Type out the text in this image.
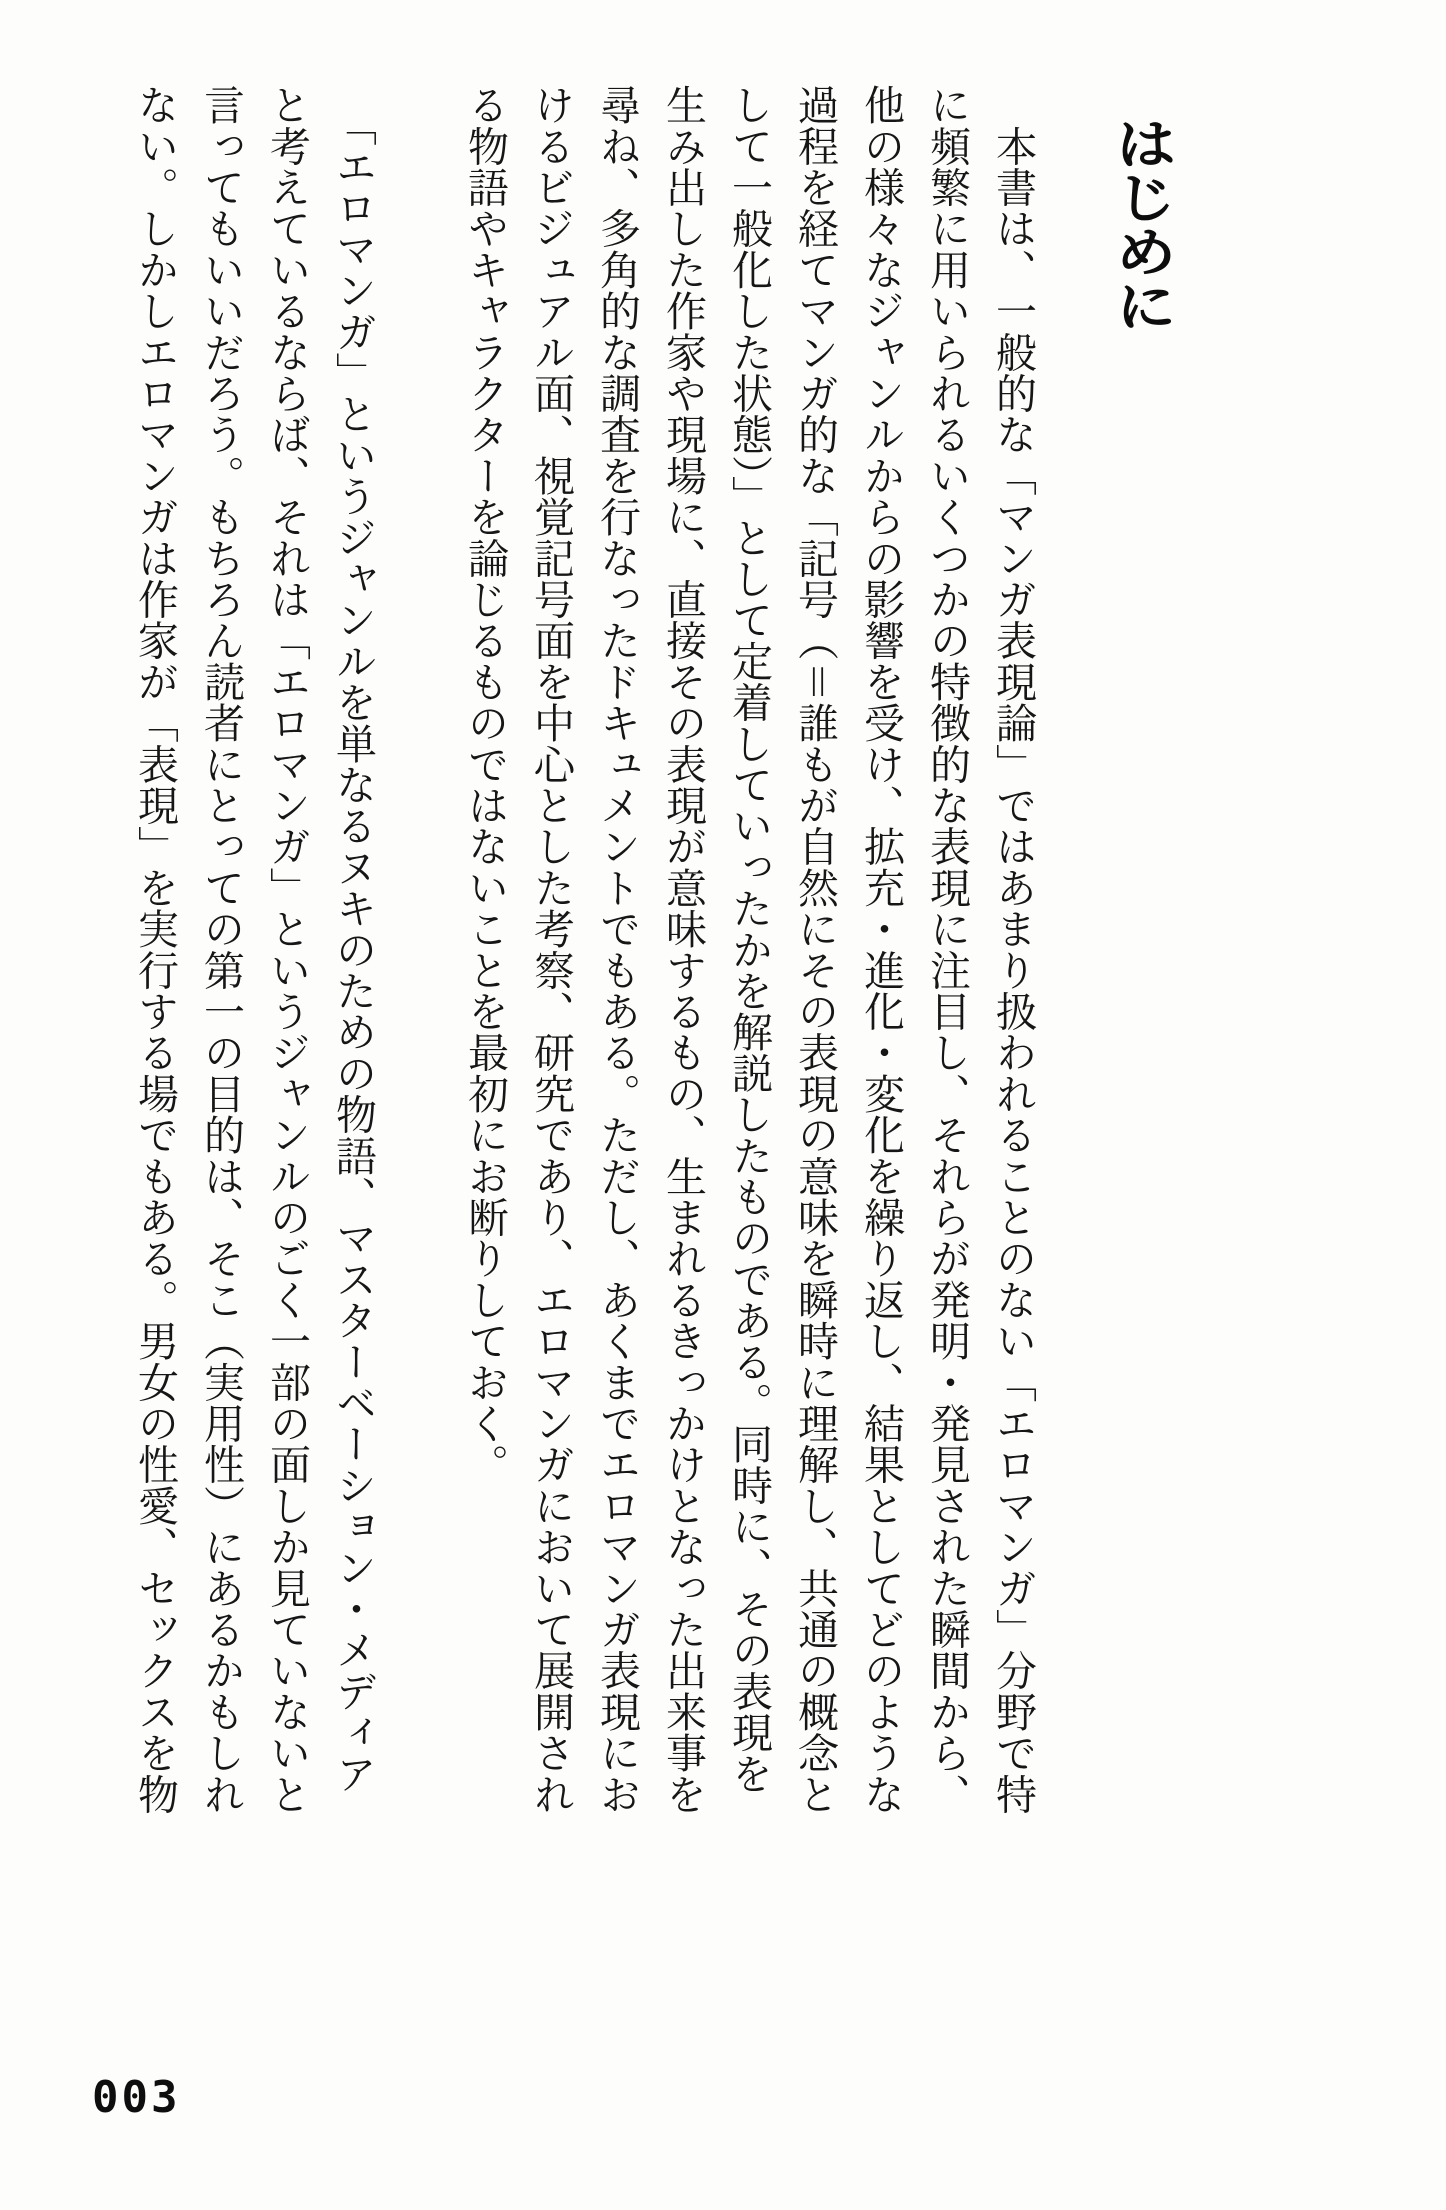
はじめに
　本書は、一般的な「マンガ表現論」ではあまり扱われることのない「エロマンガ」分野で特
に頻繁に用いられるいくつかの特徴的な表現に注目し、それらが発明・発見された瞬間から、
他の様々なジャンルからの影響を受け、拡充・進化・変化を繰り返し、結果としてどのような
過程を経てマンガ的な「記号（＝誰もが自然にその表現の意味を瞬時に理解し、共通の概念と
して一般化した状態）」として定着していったかを解説したものである。同時に、その表現を
生み出した作家や現場に、直接その表現が意味するもの、生まれるきっかけとなった出来事を
尋ね、多角的な調査を行なったドキュメントでもある。ただし、あくまでエロマンガ表現にお
けるビジュアル面、視覚記号面を中心とした考察、研究であり、エロマンガにおいて展開され
る物語やキャラクターを論じるものではないことを最初にお断りしておく。
　「エロマンガ」というジャンルを単なるヌキのための物語、マスターベーション・メディア
と考えているならば、それは「エロマンガ」というジャンルのごく一部の面しか見ていないと
言ってもいいだろう。もちろん読者にとっての第一の目的は、そこ（実用性）にあるかもしれ
ない。しかしエロマンガは作家が「表現」を実行する場でもある。男女の性愛、セックスを物
003
